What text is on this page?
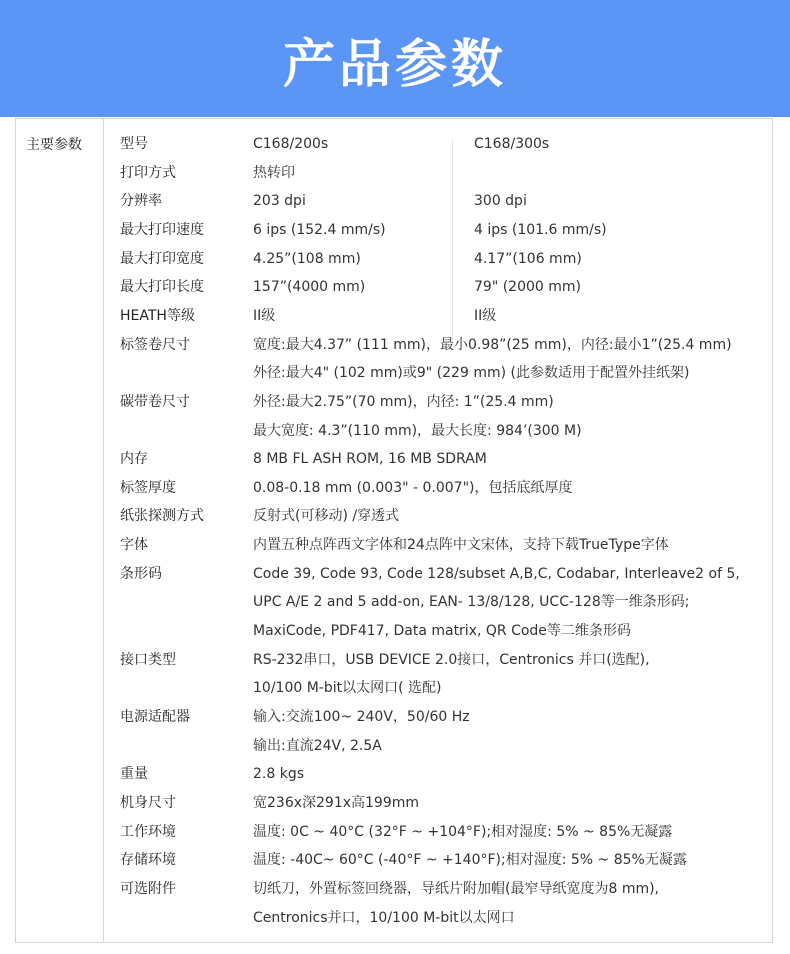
产品参数
主要参数	型号	C168/200s	C168/300s
打印方式	热转印
分辨率	203 dpi	300 dpi
最大打印速度	6 ips (152.4 mm/s)	4 ips (101.6 mm/s)
最大打印宽度	4.25”(108 mm)	4.17”(106 mm)
最大打印长度	157”(4000 mm)	79" (2000 mm)
HEATH等级	II级	II级
标签卷尺寸	宽度:最大4.37” (111 mm)，最小0.98”(25 mm)，内径:最小1”(25.4 mm)
外径:最大4" (102 mm)或9" (229 mm) (此参数适用于配置外挂纸架)
碳带卷尺寸	外径:最大2.75”(70 mm)，内径: 1”(25.4 mm)
最大宽度: 4.3”(110 mm)，最大长度: 984’(300 M)
内存	8 MB FL ASH ROM, 16 MB SDRAM
标签厚度	0.08-0.18 mm (0.003" - 0.007")，包括底纸厚度
纸张探测方式	反射式(可移动) /穿透式
字体	内置五种点阵西文字体和24点阵中文宋体，支持下载TrueType字体
条形码	Code 39, Code 93, Code 128/subset A,B,C, Codabar, Interleave2 of 5,
UPC A/E 2 and 5 add-on, EAN- 13/8/128, UCC-128等一维条形码;
MaxiCode, PDF417, Data matrix, QR Code等二维条形码
接口类型	RS-232串口，USB DEVICE 2.0接口，Centronics 并口(选配),
10/100 M-bit以太网口( 选配)
电源适配器	输入:交流100~ 240V，50/60 Hz
输出:直流24V, 2.5A
重量	2.8 kgs
机身尺寸	宽236x深291x高199mm
工作环境	温度: 0C ~ 40°C (32°F ~ +104°F);相对湿度: 5% ~ 85%无凝露
存储环境	温度: -40C~ 60°C (-40°F ~ +140°F);相对湿度: 5% ~ 85%无凝露
可选附件	切纸刀，外置标签回绕器，导纸片附加帽(最窄导纸宽度为8 mm),
Centronics并口，10/100 M-bit以太网口
